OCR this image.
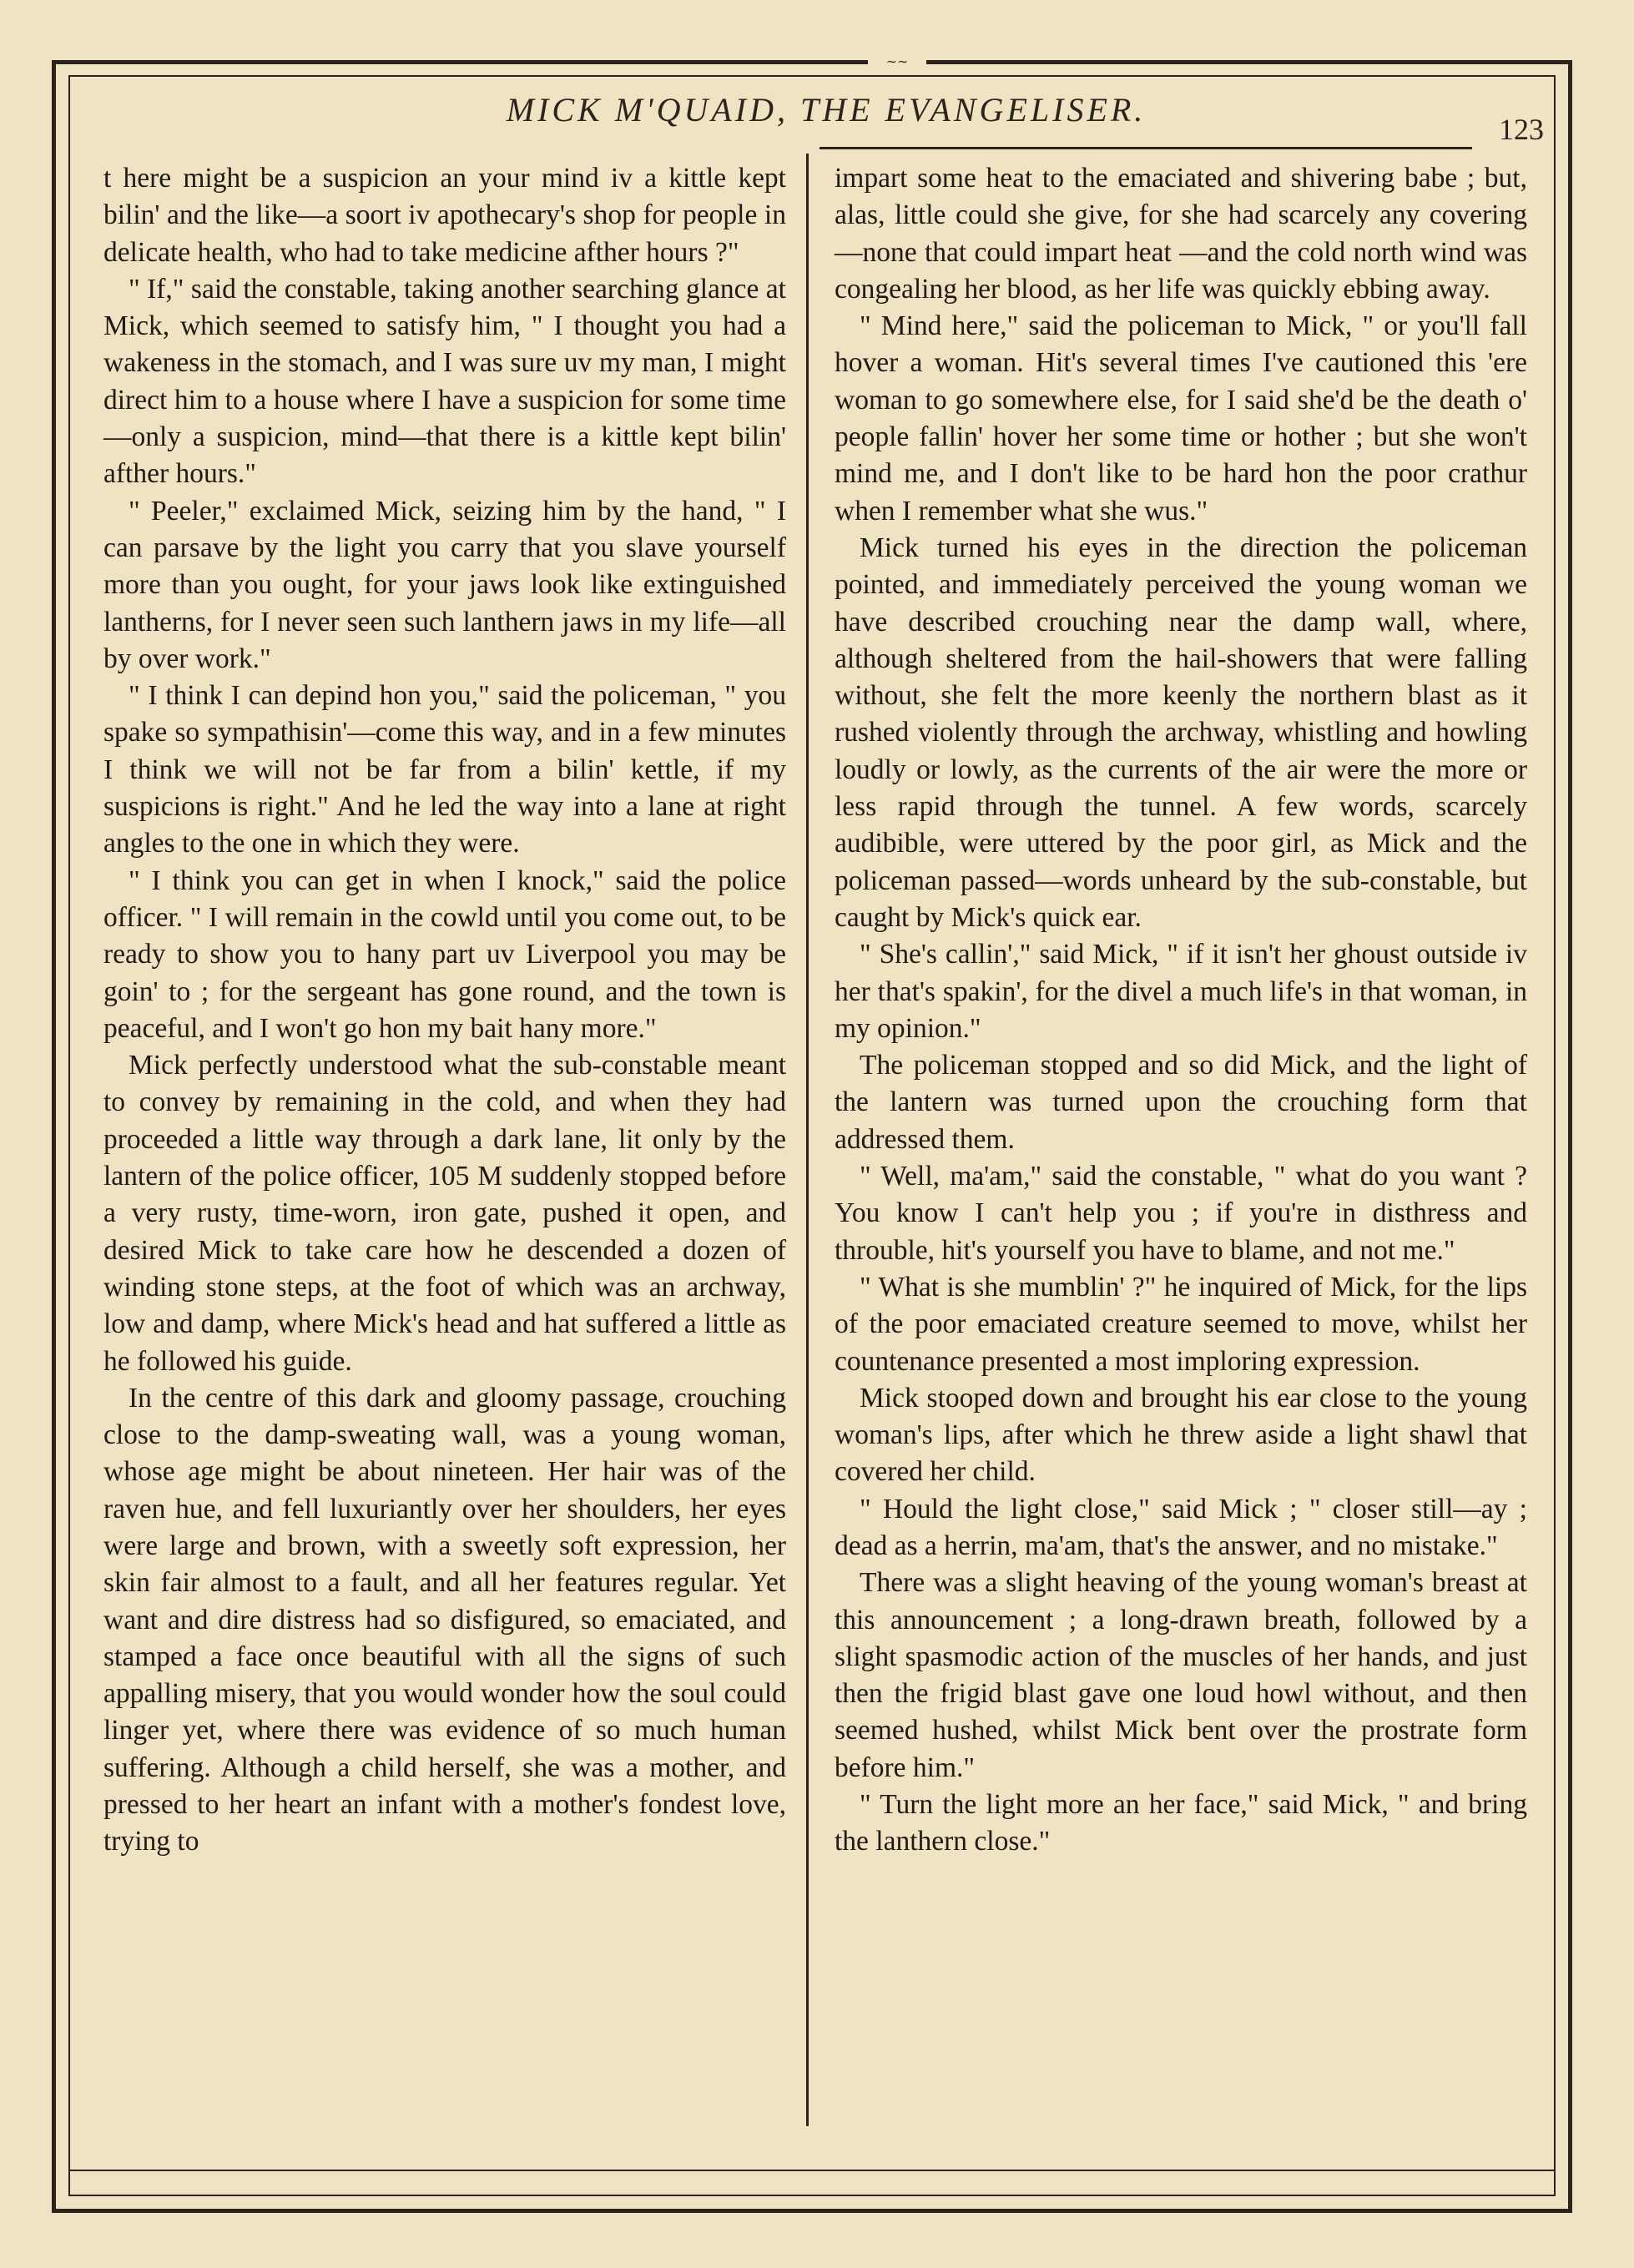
∼∼
MICK M'QUAID, THE EVANGELISER.
123

t here might be a suspicion an your mind iv a kittle kept bilin' and the like—a soort iv apothecary's shop for people in delicate health, who had to take medicine afther hours ?"

" If," said the constable, taking another searching glance at Mick, which seemed to satisfy him, " I thought you had a wakeness in the stomach, and I was sure uv my man, I might direct him to a house where I have a suspicion for some time—only a suspicion, mind—that there is a kittle kept bilin' afther hours."

" Peeler," exclaimed Mick, seizing him by the hand, " I can parsave by the light you carry that you slave yourself more than you ought, for your jaws look like extinguished lantherns, for I never seen such lanthern jaws in my life—all by over work."

" I think I can depind hon you," said the policeman, " you spake so sympathisin'—come this way, and in a few minutes I think we will not be far from a bilin' kettle, if my suspicions is right." And he led the way into a lane at right angles to the one in which they were.

" I think you can get in when I knock," said the police officer. " I will remain in the cowld until you come out, to be ready to show you to hany part uv Liverpool you may be goin' to ; for the sergeant has gone round, and the town is peaceful, and I won't go hon my bait hany more."

Mick perfectly understood what the sub-constable meant to convey by remaining in the cold, and when they had proceeded a little way through a dark lane, lit only by the lantern of the police officer, 105 M suddenly stopped before a very rusty, time-worn, iron gate, pushed it open, and desired Mick to take care how he descended a dozen of winding stone steps, at the foot of which was an archway, low and damp, where Mick's head and hat suffered a little as he followed his guide.

In the centre of this dark and gloomy passage, crouching close to the damp-sweating wall, was a young woman, whose age might be about nineteen. Her hair was of the raven hue, and fell luxuriantly over her shoulders, her eyes were large and brown, with a sweetly soft expression, her skin fair almost to a fault, and all her features regular. Yet want and dire distress had so disfigured, so emaciated, and stamped a face once beautiful with all the signs of such appalling misery, that you would wonder how the soul could linger yet, where there was evidence of so much human suffering. Although a child herself, she was a mother, and pressed to her heart an infant with a mother's fondest love, trying to

impart some heat to the emaciated and shivering babe ; but, alas, little could she give, for she had scarcely any covering—none that could impart heat —and the cold north wind was congealing her blood, as her life was quickly ebbing away.

" Mind here," said the policeman to Mick, " or you'll fall hover a woman. Hit's several times I've cautioned this 'ere woman to go somewhere else, for I said she'd be the death o' people fallin' hover her some time or hother ; but she won't mind me, and I don't like to be hard hon the poor crathur when I remember what she wus."

Mick turned his eyes in the direction the policeman pointed, and immediately perceived the young woman we have described crouching near the damp wall, where, although sheltered from the hail-showers that were falling without, she felt the more keenly the northern blast as it rushed violently through the archway, whistling and howling loudly or lowly, as the currents of the air were the more or less rapid through the tunnel. A few words, scarcely audibible, were uttered by the poor girl, as Mick and the policeman passed—words unheard by the sub-constable, but caught by Mick's quick ear.

" She's callin'," said Mick, " if it isn't her ghoust outside iv her that's spakin', for the divel a much life's in that woman, in my opinion."

The policeman stopped and so did Mick, and the light of the lantern was turned upon the crouching form that addressed them.

" Well, ma'am," said the constable, " what do you want ? You know I can't help you ; if you're in disthress and throuble, hit's yourself you have to blame, and not me."

" What is she mumblin' ?" he inquired of Mick, for the lips of the poor emaciated creature seemed to move, whilst her countenance presented a most imploring expression.

Mick stooped down and brought his ear close to the young woman's lips, after which he threw aside a light shawl that covered her child.

" Hould the light close," said Mick ; " closer still—ay ; dead as a herrin, ma'am, that's the answer, and no mistake."

There was a slight heaving of the young woman's breast at this announcement ; a long-drawn breath, followed by a slight spasmodic action of the muscles of her hands, and just then the frigid blast gave one loud howl without, and then seemed hushed, whilst Mick bent over the prostrate form before him."

" Turn the light more an her face," said Mick, " and bring the lanthern close."
